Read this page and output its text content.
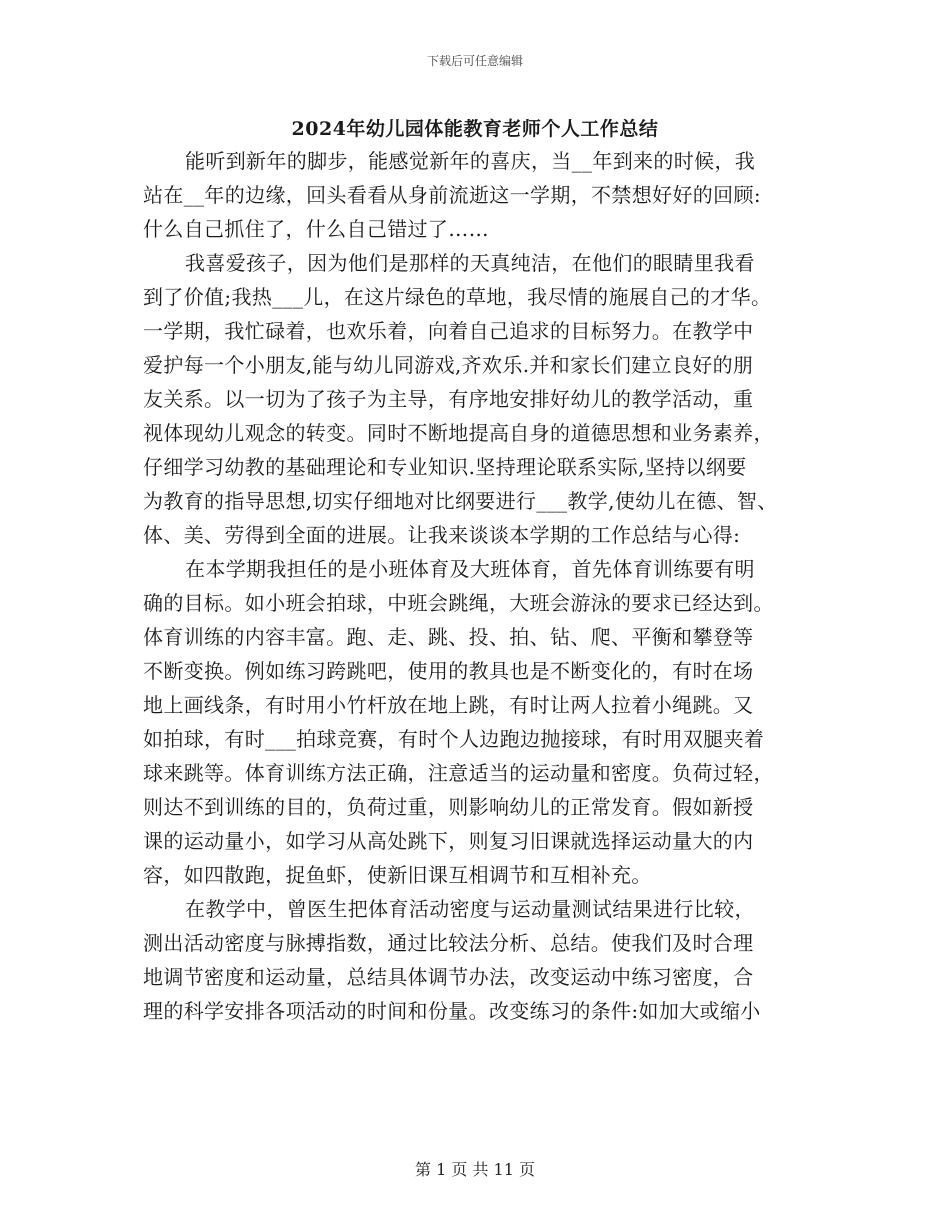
下载后可任意编辑
2024年幼儿园体能教育老师个人工作总结
能听到新年的脚步，能感觉新年的喜庆，当__年到来的时候，我
站在__年的边缘，回头看看从身前流逝这一学期，不禁想好好的回顾:
什么自己抓住了，什么自己错过了……
我喜爱孩子，因为他们是那样的天真纯洁，在他们的眼睛里我看
到了价值;我热___儿，在这片绿色的草地，我尽情的施展自己的才华。
一学期，我忙碌着，也欢乐着，向着自己追求的目标努力。在教学中
爱护每一个小朋友,能与幼儿同游戏,齐欢乐.并和家长们建立良好的朋
友关系。以一切为了孩子为主导，有序地安排好幼儿的教学活动，重
视体现幼儿观念的转变。同时不断地提高自身的道德思想和业务素养，
仔细学习幼教的基础理论和专业知识.坚持理论联系实际,坚持以纲要
为教育的指导思想,切实仔细地对比纲要进行___教学,使幼儿在德、智、
体、美、劳得到全面的进展。让我来谈谈本学期的工作总结与心得:
在本学期我担任的是小班体育及大班体育，首先体育训练要有明
确的目标。如小班会拍球，中班会跳绳，大班会游泳的要求已经达到。
体育训练的内容丰富。跑、走、跳、投、拍、钻、爬、平衡和攀登等
不断变换。例如练习跨跳吧，使用的教具也是不断变化的，有时在场
地上画线条，有时用小竹杆放在地上跳，有时让两人拉着小绳跳。又
如拍球，有时___拍球竞赛，有时个人边跑边抛接球，有时用双腿夹着
球来跳等。体育训练方法正确，注意适当的运动量和密度。负荷过轻，
则达不到训练的目的，负荷过重，则影响幼儿的正常发育。假如新授
课的运动量小，如学习从高处跳下，则复习旧课就选择运动量大的内
容，如四散跑，捉鱼虾，使新旧课互相调节和互相补充。
在教学中，曾医生把体育活动密度与运动量测试结果进行比较，
测出活动密度与脉搏指数，通过比较法分析、总结。使我们及时合理
地调节密度和运动量，总结具体调节办法，改变运动中练习密度，合
理的科学安排各项活动的时间和份量。改变练习的条件:如加大或缩小
第 1 页 共 11 页
